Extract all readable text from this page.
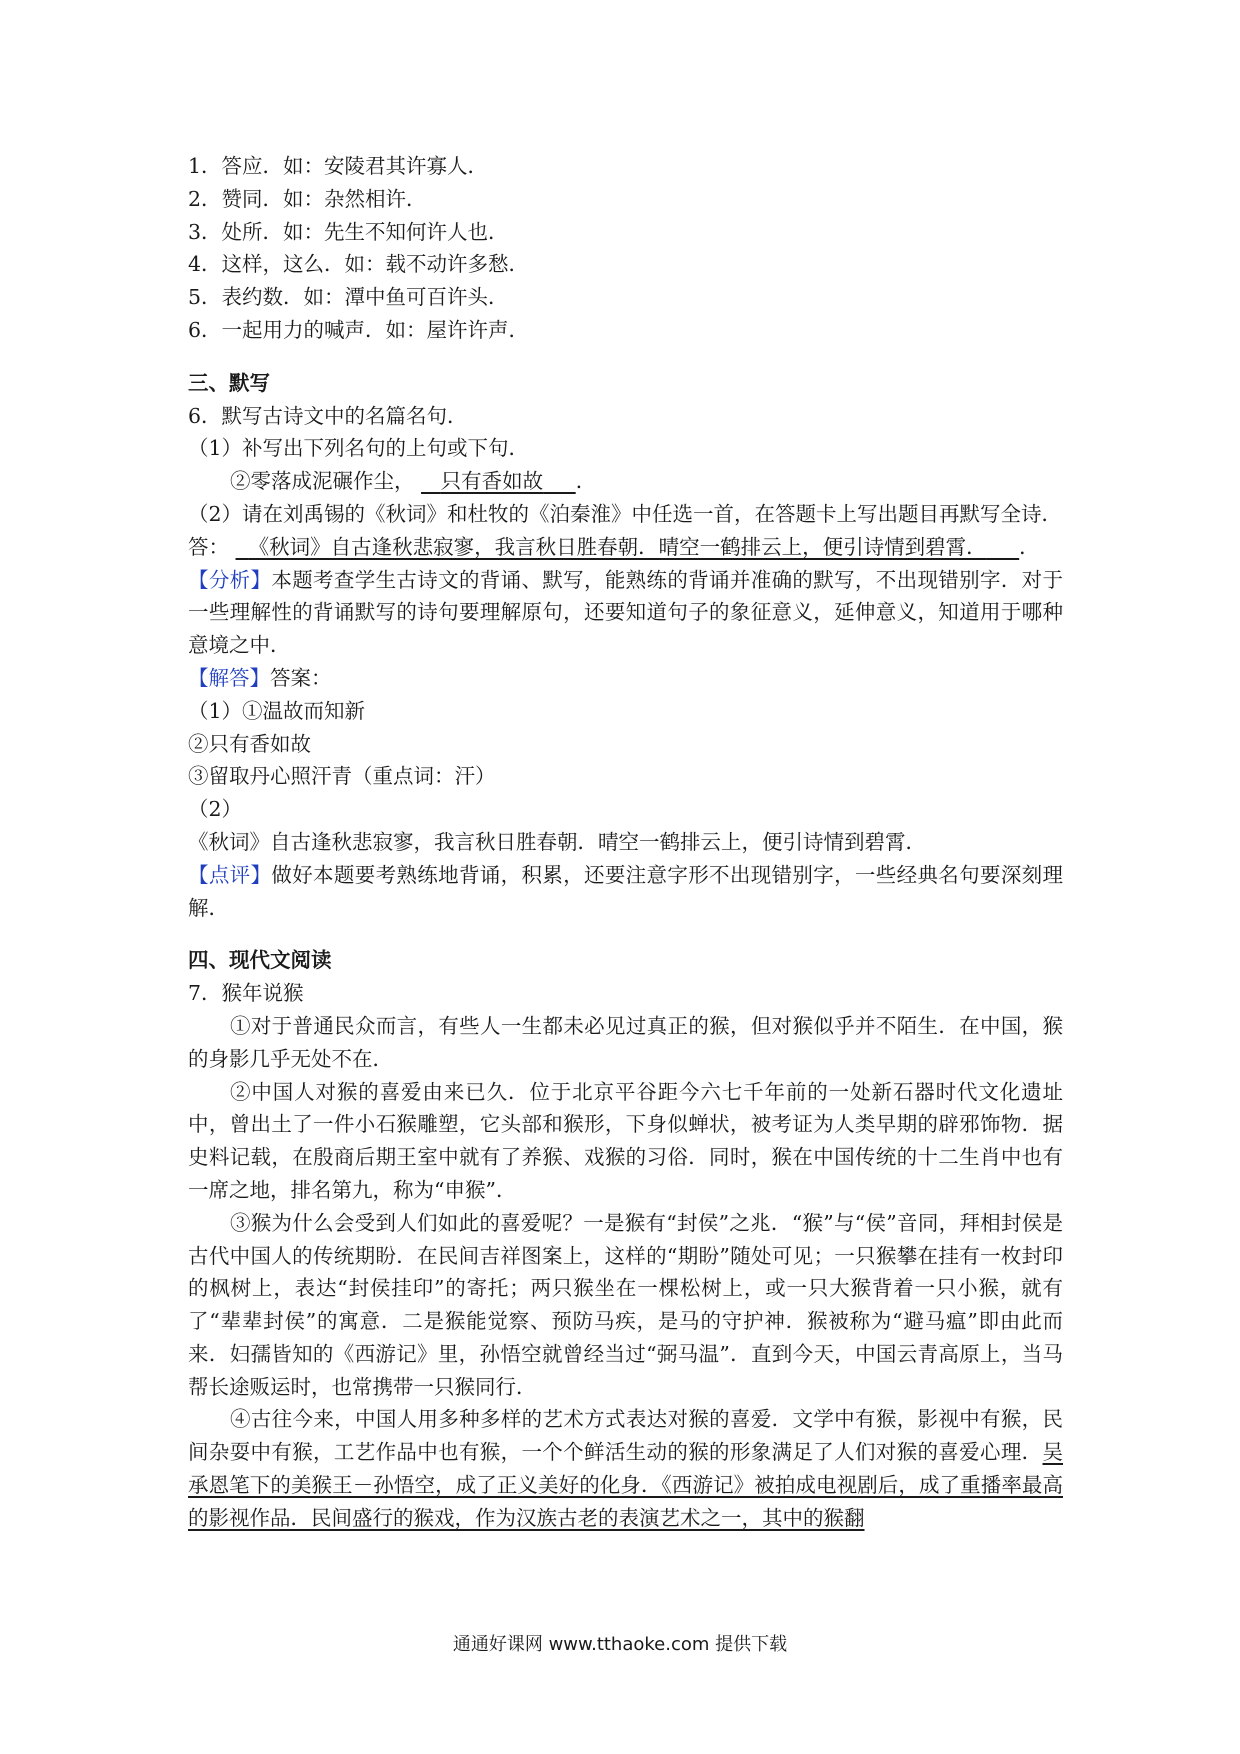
1．答应．如：安陵君其许寡人．
2．赞同．如：杂然相许．
3．处所．如：先生不知何许人也．
4．这样，这么．如：载不动许多愁．
5．表约数．如：潭中鱼可百许头．
6．一起用力的喊声．如：屋许许声．
三、默写
6．默写古诗文中的名篇名句．
（1）补写出下列名句的上句或下句．
②零落成泥碾作尘， 只有香如故 ．
（2）请在刘禹锡的《秋词》和杜牧的《泊秦淮》中任选一首，在答题卡上写出题目再默写全诗．
答： 《秋词》自古逢秋悲寂寥，我言秋日胜春朝．晴空一鹤排云上，便引诗情到碧霄． ．
【分析】本题考查学生古诗文的背诵、默写，能熟练的背诵并准确的默写，不出现错别字．对于一些理解性的背诵默写的诗句要理解原句，还要知道句子的象征意义，延伸意义，知道用于哪种意境之中．
【解答】答案：
（1）①温故而知新
②只有香如故
③留取丹心照汗青（重点词：汗）
（2）
《秋词》自古逢秋悲寂寥，我言秋日胜春朝．晴空一鹤排云上，便引诗情到碧霄．
【点评】做好本题要考熟练地背诵，积累，还要注意字形不出现错别字，一些经典名句要深刻理解．
四、现代文阅读
7．猴年说猴
①对于普通民众而言，有些人一生都未必见过真正的猴，但对猴似乎并不陌生．在中国，猴的身影几乎无处不在．
②中国人对猴的喜爱由来已久．位于北京平谷距今六七千年前的一处新石器时代文化遗址中，曾出土了一件小石猴雕塑，它头部和猴形，下身似蝉状，被考证为人类早期的辟邪饰物．据史料记载，在殷商后期王室中就有了养猴、戏猴的习俗．同时，猴在中国传统的十二生肖中也有一席之地，排名第九，称为“申猴”．
③猴为什么会受到人们如此的喜爱呢？一是猴有“封侯”之兆．“猴”与“侯”音同，拜相封侯是古代中国人的传统期盼．在民间吉祥图案上，这样的“期盼”随处可见；一只猴攀在挂有一枚封印的枫树上，表达“封侯挂印”的寄托；两只猴坐在一棵松树上，或一只大猴背着一只小猴，就有了“辈辈封侯”的寓意．二是猴能觉察、预防马疾，是马的守护神．猴被称为“避马瘟”即由此而来．妇孺皆知的《西游记》里，孙悟空就曾经当过“弼马温”．直到今天，中国云青高原上，当马帮长途贩运时，也常携带一只猴同行．
④古往今来，中国人用多种多样的艺术方式表达对猴的喜爱．文学中有猴，影视中有猴，民间杂耍中有猴，工艺作品中也有猴，一个个鲜活生动的猴的形象满足了人们对猴的喜爱心理．吴承恩笔下的美猴王－孙悟空，成了正义美好的化身．《西游记》被拍成电视剧后，成了重播率最高的影视作品．民间盛行的猴戏，作为汉族古老的表演艺术之一，其中的猴翻
通通好课网 www.tthaoke.com 提供下载
